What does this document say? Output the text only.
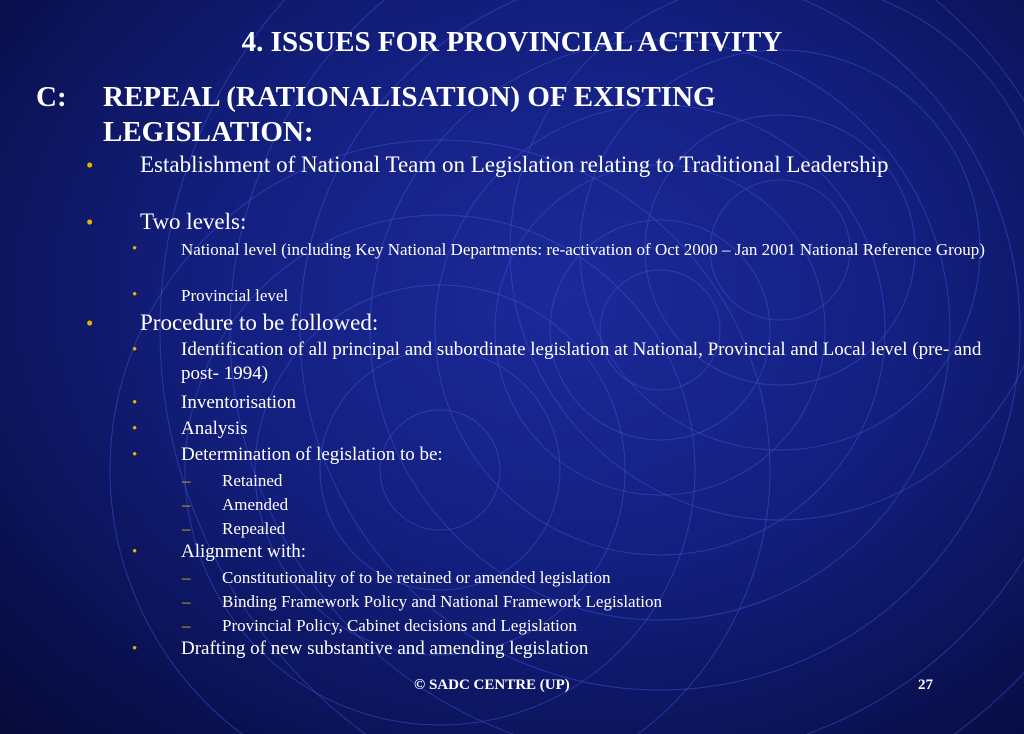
4. ISSUES FOR PROVINCIAL ACTIVITY
C: REPEAL (RATIONALISATION) OF EXISTING LEGISLATION:
• Establishment of National Team on Legislation relating to Traditional Leadership
• Two levels:
•	National level (including Key National Departments: re-activation of Oct 2000 – Jan 2001 National Reference Group)
•	Provincial level
• Procedure to be followed:
• Identification of all principal and subordinate legislation at National, Provincial and Local level (pre- and post- 1994)
• Inventorisation
• Analysis
• Determination of legislation to be:
– Retained
– Amended
– Repealed
• Alignment with:
– Constitutionality of to be retained or amended legislation
– Binding Framework Policy and National Framework Legislation
– Provincial Policy, Cabinet decisions and Legislation
• Drafting of new substantive and amending legislation
© SADC CENTRE (UP)	27
